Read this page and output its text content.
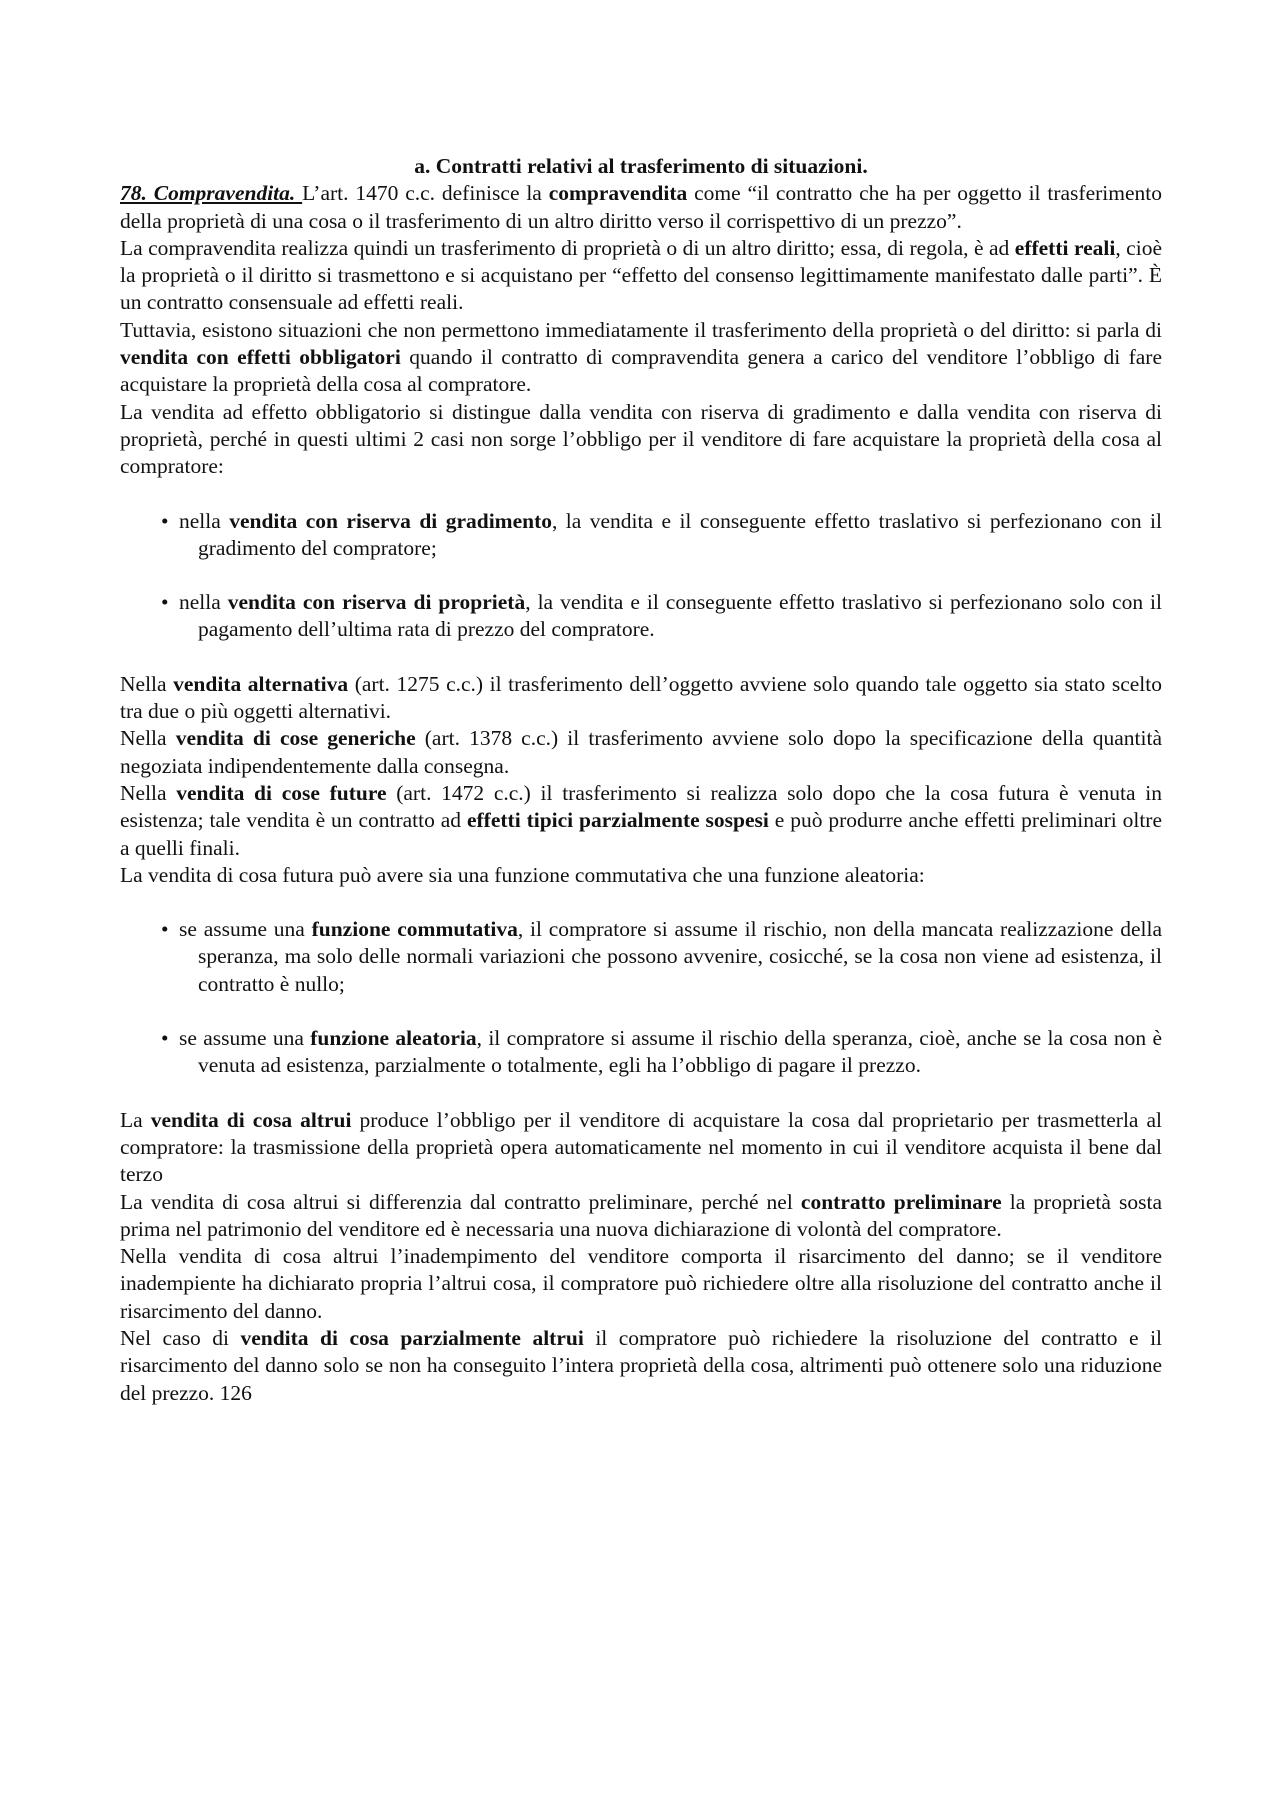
a. Contratti relativi al trasferimento di situazioni.

78. Compravendita. L’art. 1470 c.c. definisce la compravendita come “il contratto che ha per oggetto il trasferimento della proprietà di una cosa o il trasferimento di un altro diritto verso il corrispettivo di un prezzo”.

La compravendita realizza quindi un trasferimento di proprietà o di un altro diritto; essa, di regola, è ad effetti reali, cioè la proprietà o il diritto si trasmettono e si acquistano per “effetto del consenso legittimamente manifestato dalle parti”. È un contratto consensuale ad effetti reali.

Tuttavia, esistono situazioni che non permettono immediatamente il trasferimento della proprietà o del diritto: si parla di vendita con effetti obbligatori quando il contratto di compravendita genera a carico del venditore l’obbligo di fare acquistare la proprietà della cosa al compratore.

La vendita ad effetto obbligatorio si distingue dalla vendita con riserva di gradimento e dalla vendita con riserva di proprietà, perché in questi ultimi 2 casi non sorge l’obbligo per il venditore di fare acquistare la proprietà della cosa al compratore:

• nella vendita con riserva di gradimento, la vendita e il conseguente effetto traslativo si perfezionano con il gradimento del compratore;

• nella vendita con riserva di proprietà, la vendita e il conseguente effetto traslativo si perfezionano solo con il pagamento dell’ultima rata di prezzo del compratore.

Nella vendita alternativa (art. 1275 c.c.) il trasferimento dell’oggetto avviene solo quando tale oggetto sia stato scelto tra due o più oggetti alternativi.

Nella vendita di cose generiche (art. 1378 c.c.) il trasferimento avviene solo dopo la specificazione della quantità negoziata indipendentemente dalla consegna.

Nella vendita di cose future (art. 1472 c.c.) il trasferimento si realizza solo dopo che la cosa futura è venuta in esistenza; tale vendita è un contratto ad effetti tipici parzialmente sospesi e può produrre anche effetti preliminari oltre a quelli finali.

La vendita di cosa futura può avere sia una funzione commutativa che una funzione aleatoria:

• se assume una funzione commutativa, il compratore si assume il rischio, non della mancata realizzazione della speranza, ma solo delle normali variazioni che possono avvenire, cosicché, se la cosa non viene ad esistenza, il contratto è nullo;

• se assume una funzione aleatoria, il compratore si assume il rischio della speranza, cioè, anche se la cosa non è venuta ad esistenza, parzialmente o totalmente, egli ha l’obbligo di pagare il prezzo.

La vendita di cosa altrui produce l’obbligo per il venditore di acquistare la cosa dal proprietario per trasmetterla al compratore: la trasmissione della proprietà opera automaticamente nel momento in cui il venditore acquista il bene dal terzo

La vendita di cosa altrui si differenzia dal contratto preliminare, perché nel contratto preliminare la proprietà sosta prima nel patrimonio del venditore ed è necessaria una nuova dichiarazione di volontà del compratore.

Nella vendita di cosa altrui l’inadempimento del venditore comporta il risarcimento del danno; se il venditore inadempiente ha dichiarato propria l’altrui cosa, il compratore può richiedere oltre alla risoluzione del contratto anche il risarcimento del danno.

Nel caso di vendita di cosa parzialmente altrui il compratore può richiedere la risoluzione del contratto e il risarcimento del danno solo se non ha conseguito l’intera proprietà della cosa, altrimenti può ottenere solo una riduzione del prezzo. 126
